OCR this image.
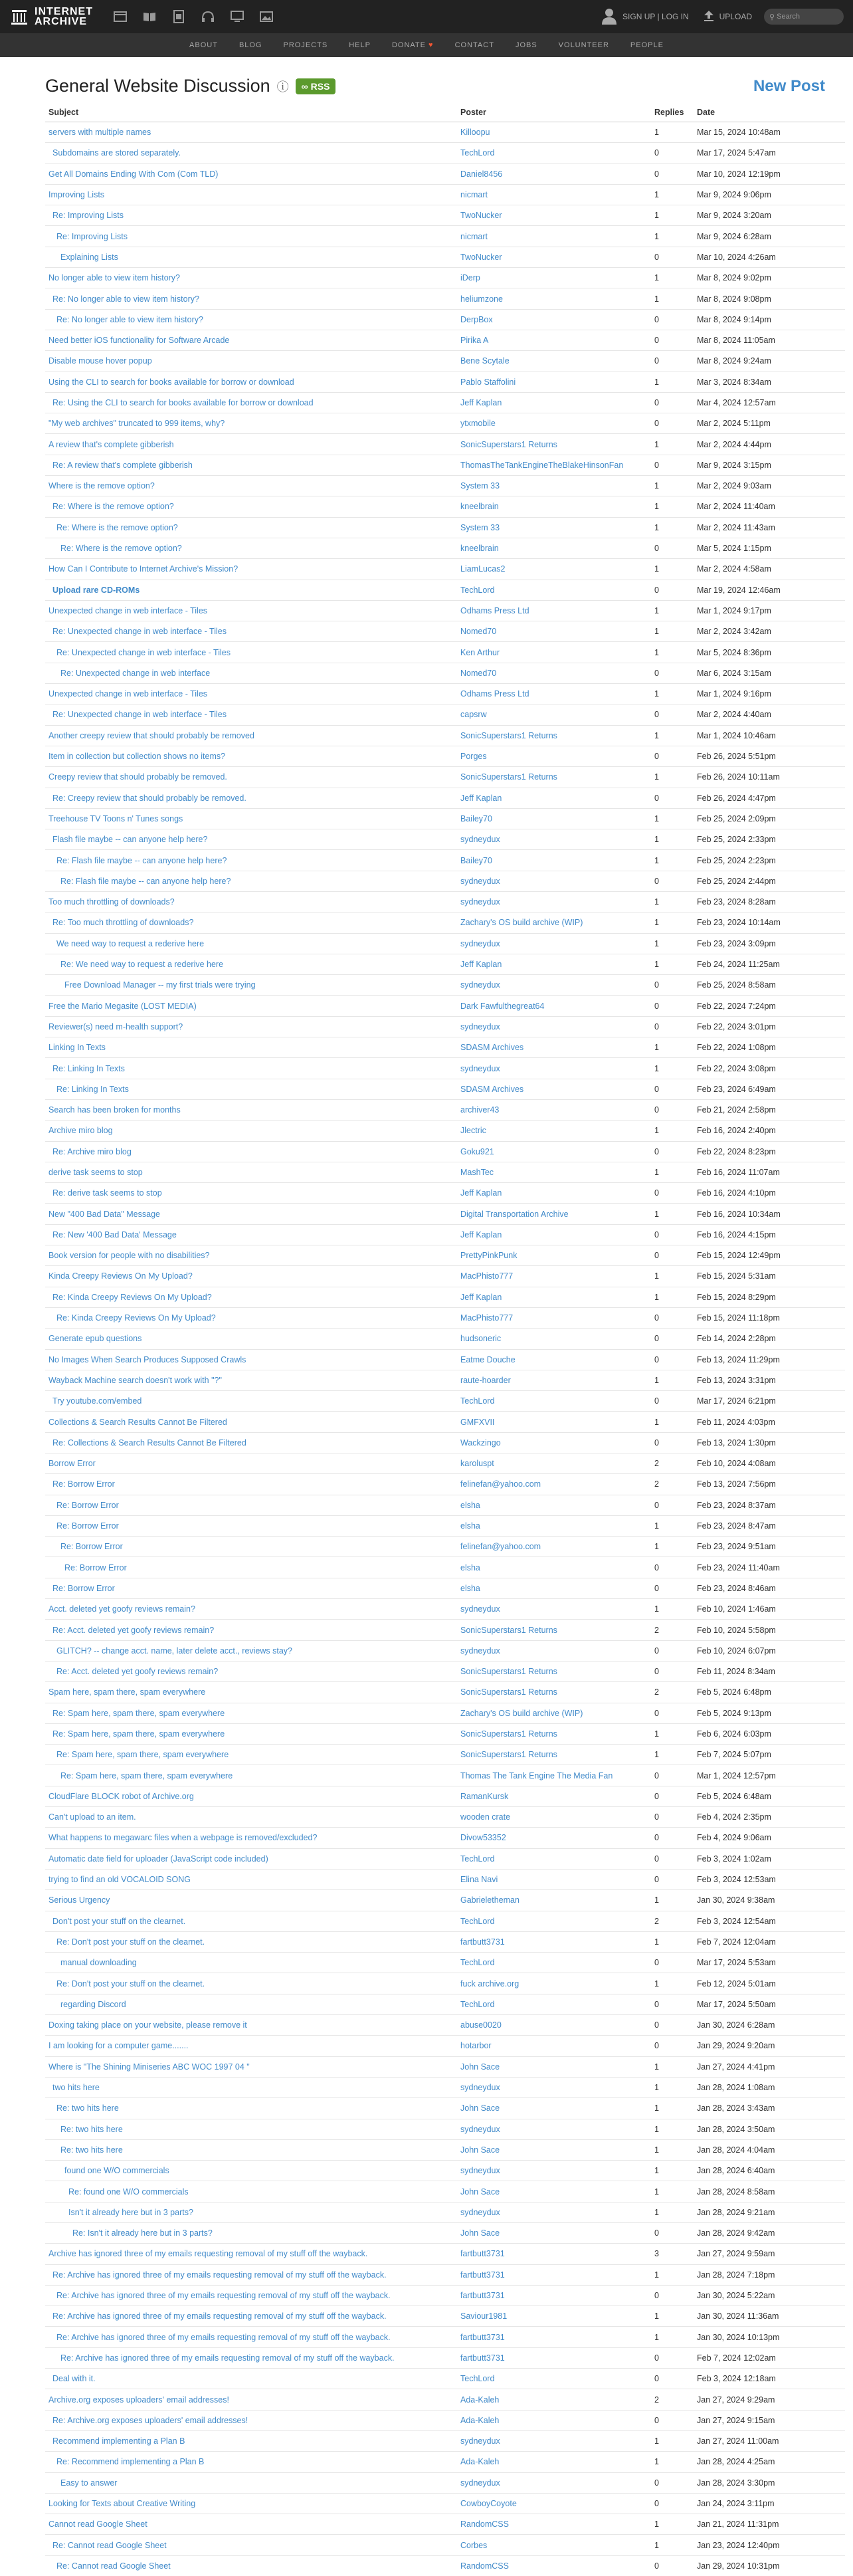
INTERNET
ARCHIVE	SIGN UP | LOG IN	UPLOAD ⚲
Search
ABOUT	BLOG	PROJECTS	HELP	DONATE ♥	CONTACT	JOBS	VOLUNTEER	PEOPLE
General Website Discussion ⓘ ∞ RSS	New Post
Subject	Poster	Replies	Date
servers with multiple names	Killoopu	1	Mar 15, 2024 10:48am
Subdomains are stored separately.	TechLord	0	Mar 17, 2024 5:47am
Get All Domains Ending With Com (Com TLD)	Daniel8456	0	Mar 10, 2024 12:19pm
Improving Lists	nicmart	1	Mar 9, 2024 9:06pm
Re: Improving Lists	TwoNucker	1	Mar 9, 2024 3:20am
Re: Improving Lists	nicmart	1	Mar 9, 2024 6:28am
Explaining Lists	TwoNucker	0	Mar 10, 2024 4:26am
No longer able to view item history?	iDerp	1	Mar 8, 2024 9:02pm
Re: No longer able to view item history?	heliumzone	1	Mar 8, 2024 9:08pm
Re: No longer able to view item history?	DerpBox	0	Mar 8, 2024 9:14pm
Need better iOS functionality for Software Arcade	Pirika A	0	Mar 8, 2024 11:05am
Disable mouse hover popup	Bene Scytale	0	Mar 8, 2024 9:24am
Using the CLI to search for books available for borrow or download	Pablo Staffolini	1	Mar 3, 2024 8:34am
Re: Using the CLI to search for books available for borrow or download	Jeff Kaplan	0	Mar 4, 2024 12:57am
"My web archives" truncated to 999 items, why?	ytxmobile	0	Mar 2, 2024 5:11pm
A review that's complete gibberish	SonicSuperstars1 Returns	1	Mar 2, 2024 4:44pm
Re: A review that's complete gibberish	ThomasTheTankEngineTheBlakeHinsonFan	0	Mar 9, 2024 3:15pm
Where is the remove option?	System 33	1	Mar 2, 2024 9:03am
Re: Where is the remove option?	kneelbrain	1	Mar 2, 2024 11:40am
Re: Where is the remove option?	System 33	1	Mar 2, 2024 11:43am
Re: Where is the remove option?	kneelbrain	0	Mar 5, 2024 1:15pm
How Can I Contribute to Internet Archive's Mission?	LiamLucas2	1	Mar 2, 2024 4:58am
Upload rare CD-ROMs	TechLord	0	Mar 19, 2024 12:46am
Unexpected change in web interface - Tiles	Odhams Press Ltd	1	Mar 1, 2024 9:17pm
Re: Unexpected change in web interface - Tiles	Nomed70	1	Mar 2, 2024 3:42am
Re: Unexpected change in web interface - Tiles	Ken Arthur	1	Mar 5, 2024 8:36pm
Re: Unexpected change in web interface	Nomed70	0	Mar 6, 2024 3:15am
Unexpected change in web interface - Tiles	Odhams Press Ltd	1	Mar 1, 2024 9:16pm
Re: Unexpected change in web interface - Tiles	capsrw	0	Mar 2, 2024 4:40am
Another creepy review that should probably be removed	SonicSuperstars1 Returns	1	Mar 1, 2024 10:46am
Item in collection but collection shows no items?	Porges	0	Feb 26, 2024 5:51pm
Creepy review that should probably be removed.	SonicSuperstars1 Returns	1	Feb 26, 2024 10:11am
Re: Creepy review that should probably be removed.	Jeff Kaplan	0	Feb 26, 2024 4:47pm
Treehouse TV Toons n' Tunes songs	Bailey70	1	Feb 25, 2024 2:09pm
Flash file maybe -- can anyone help here?	sydneydux	1	Feb 25, 2024 2:33pm
Re: Flash file maybe -- can anyone help here?	Bailey70	1	Feb 25, 2024 2:23pm
Re: Flash file maybe -- can anyone help here?	sydneydux	0	Feb 25, 2024 2:44pm
Too much throttling of downloads?	sydneydux	1	Feb 23, 2024 8:28am
Re: Too much throttling of downloads?	Zachary's OS build archive (WIP)	1	Feb 23, 2024 10:14am
We need way to request a rederive here	sydneydux	1	Feb 23, 2024 3:09pm
Re: We need way to request a rederive here	Jeff Kaplan	1	Feb 24, 2024 11:25am
Free Download Manager -- my first trials were trying	sydneydux	0	Feb 25, 2024 8:58am
Free the Mario Megasite (LOST MEDIA)	Dark Fawfulthegreat64	0	Feb 22, 2024 7:24pm
Reviewer(s) need m-health support?	sydneydux	0	Feb 22, 2024 3:01pm
Linking In Texts	SDASM Archives	1	Feb 22, 2024 1:08pm
Re: Linking In Texts	sydneydux	1	Feb 22, 2024 3:08pm
Re: Linking In Texts	SDASM Archives	0	Feb 23, 2024 6:49am
Search has been broken for months	archiver43	0	Feb 21, 2024 2:58pm
Archive miro blog	Jlectric	1	Feb 16, 2024 2:40pm
Re: Archive miro blog	Goku921	0	Feb 22, 2024 8:23pm
derive task seems to stop	MashTec	1	Feb 16, 2024 11:07am
Re: derive task seems to stop	Jeff Kaplan	0	Feb 16, 2024 4:10pm
New "400 Bad Data" Message	Digital Transportation Archive	1	Feb 16, 2024 10:34am
Re: New '400 Bad Data' Message	Jeff Kaplan	0	Feb 16, 2024 4:15pm
Book version for people with no disabilities?	PrettyPinkPunk	0	Feb 15, 2024 12:49pm
Kinda Creepy Reviews On My Upload?	MacPhisto777	1	Feb 15, 2024 5:31am
Re: Kinda Creepy Reviews On My Upload?	Jeff Kaplan	1	Feb 15, 2024 8:29pm
Re: Kinda Creepy Reviews On My Upload?	MacPhisto777	0	Feb 15, 2024 11:18pm
Generate epub questions	hudsoneric	0	Feb 14, 2024 2:28pm
No Images When Search Produces Supposed Crawls	Eatme Douche	0	Feb 13, 2024 11:29pm
Wayback Machine search doesn't work with "?"	raute-hoarder	1	Feb 13, 2024 3:31pm
Try youtube.com/embed	TechLord	0	Mar 17, 2024 6:21pm
Collections & Search Results Cannot Be Filtered	GMFXVII	1	Feb 11, 2024 4:03pm
Re: Collections & Search Results Cannot Be Filtered	Wackzingo	0	Feb 13, 2024 1:30pm
Borrow Error	karoluspt	2	Feb 10, 2024 4:08am
Re: Borrow Error	felinefan@yahoo.com	2	Feb 13, 2024 7:56pm
Re: Borrow Error	elsha	0	Feb 23, 2024 8:37am
Re: Borrow Error	elsha	1	Feb 23, 2024 8:47am
Re: Borrow Error	felinefan@yahoo.com	1	Feb 23, 2024 9:51am
Re: Borrow Error	elsha	0	Feb 23, 2024 11:40am
Re: Borrow Error	elsha	0	Feb 23, 2024 8:46am
Acct. deleted yet goofy reviews remain?	sydneydux	1	Feb 10, 2024 1:46am
Re: Acct. deleted yet goofy reviews remain?	SonicSuperstars1 Returns	2	Feb 10, 2024 5:58pm
GLITCH? -- change acct. name, later delete acct., reviews stay?	sydneydux	0	Feb 10, 2024 6:07pm
Re: Acct. deleted yet goofy reviews remain?	SonicSuperstars1 Returns	0	Feb 11, 2024 8:34am
Spam here, spam there, spam everywhere	SonicSuperstars1 Returns	2	Feb 5, 2024 6:48pm
Re: Spam here, spam there, spam everywhere	Zachary's OS build archive (WIP)	0	Feb 5, 2024 9:13pm
Re: Spam here, spam there, spam everywhere	SonicSuperstars1 Returns	1	Feb 6, 2024 6:03pm
Re: Spam here, spam there, spam everywhere	SonicSuperstars1 Returns	1	Feb 7, 2024 5:07pm
Re: Spam here, spam there, spam everywhere	Thomas The Tank Engine The Media Fan	0	Mar 1, 2024 12:57pm
CloudFlare BLOCK robot of Archive.org	RamanKursk	0	Feb 5, 2024 6:48am
Can't upload to an item.	wooden crate	0	Feb 4, 2024 2:35pm
What happens to megawarc files when a webpage is removed/excluded?	Divow53352	0	Feb 4, 2024 9:06am
Automatic date field for uploader (JavaScript code included)	TechLord	0	Feb 3, 2024 1:02am
trying to find an old VOCALOID SONG	Elina Navi	0	Feb 3, 2024 12:53am
Serious Urgency	Gabrieletheman	1	Jan 30, 2024 9:38am
Don't post your stuff on the clearnet.	TechLord	2	Feb 3, 2024 12:54am
Re: Don't post your stuff on the clearnet.	fartbutt3731	1	Feb 7, 2024 12:04am
manual downloading	TechLord	0	Mar 17, 2024 5:53am
Re: Don't post your stuff on the clearnet.	fuck archive.org	1	Feb 12, 2024 5:01am
regarding Discord	TechLord	0	Mar 17, 2024 5:50am
Doxing taking place on your website, please remove it	abuse0020	0	Jan 30, 2024 6:28am
I am looking for a computer game.......	hotarbor	0	Jan 29, 2024 9:20am
Where is "The Shining Miniseries ABC WOC 1997 04 "	John Sace	1	Jan 27, 2024 4:41pm
two hits here	sydneydux	1	Jan 28, 2024 1:08am
Re: two hits here	John Sace	1	Jan 28, 2024 3:43am
Re: two hits here	sydneydux	1	Jan 28, 2024 3:50am
Re: two hits here	John Sace	1	Jan 28, 2024 4:04am
found one W/O commercials	sydneydux	1	Jan 28, 2024 6:40am
Re: found one W/O commercials	John Sace	1	Jan 28, 2024 8:58am
Isn't it already here but in 3 parts?	sydneydux	1	Jan 28, 2024 9:21am
Re: Isn't it already here but in 3 parts?	John Sace	0	Jan 28, 2024 9:42am
Archive has ignored three of my emails requesting removal of my stuff off the wayback.	fartbutt3731	3	Jan 27, 2024 9:59am
Re: Archive has ignored three of my emails requesting removal of my stuff off the wayback.	fartbutt3731	1	Jan 28, 2024 7:18pm
Re: Archive has ignored three of my emails requesting removal of my stuff off the wayback.	fartbutt3731	0	Jan 30, 2024 5:22am
Re: Archive has ignored three of my emails requesting removal of my stuff off the wayback.	Saviour1981	1	Jan 30, 2024 11:36am
Re: Archive has ignored three of my emails requesting removal of my stuff off the wayback.	fartbutt3731	1	Jan 30, 2024 10:13pm
Re: Archive has ignored three of my emails requesting removal of my stuff off the wayback.	fartbutt3731	0	Feb 7, 2024 12:02am
Deal with it.	TechLord	0	Feb 3, 2024 12:18am
Archive.org exposes uploaders' email addresses!	Ada-Kaleh	2	Jan 27, 2024 9:29am
Re: Archive.org exposes uploaders' email addresses!	Ada-Kaleh	0	Jan 27, 2024 9:15am
Recommend implementing a Plan B	sydneydux	1	Jan 27, 2024 11:00am
Re: Recommend implementing a Plan B	Ada-Kaleh	1	Jan 28, 2024 4:25am
Easy to answer	sydneydux	0	Jan 28, 2024 3:30pm
Looking for Texts about Creative Writing	CowboyCoyote	0	Jan 24, 2024 3:11pm
Cannot read Google Sheet	RandomCSS	1	Jan 21, 2024 11:31pm
Re: Cannot read Google Sheet	Corbes	1	Jan 23, 2024 12:40pm
Re: Cannot read Google Sheet	RandomCSS	0	Jan 29, 2024 10:31pm
